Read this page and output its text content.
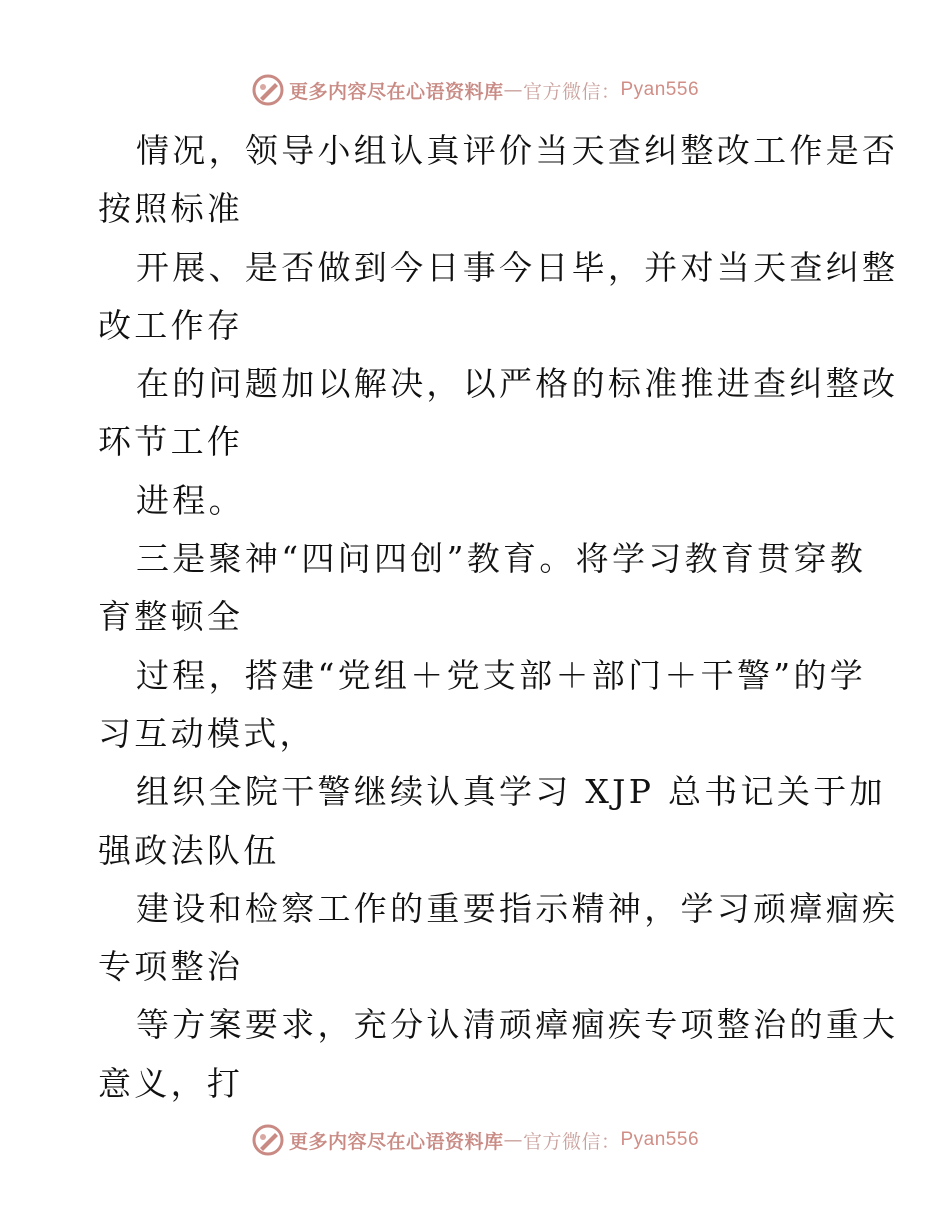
更多内容尽在心语资料库 — 官方微信： Pyan556
情况，领导小组认真评价当天查纠整改工作是否
按照标准
开展、是否做到今日事今日毕，并对当天查纠整
改工作存
在的问题加以解决，以严格的标准推进查纠整改
环节工作
进程。
三是聚神“四问四创”教育。将学习教育贯穿教
育整顿全
过程，搭建“党组＋党支部＋部门＋干警”的学
习互动模式，
组织全院干警继续认真学习 XJP 总书记关于加
强政法队伍
建设和检察工作的重要指示精神，学习顽瘴痼疾
专项整治
等方案要求，充分认清顽瘴痼疾专项整治的重大
意义，打
更多内容尽在心语资料库 — 官方微信： Pyan556
